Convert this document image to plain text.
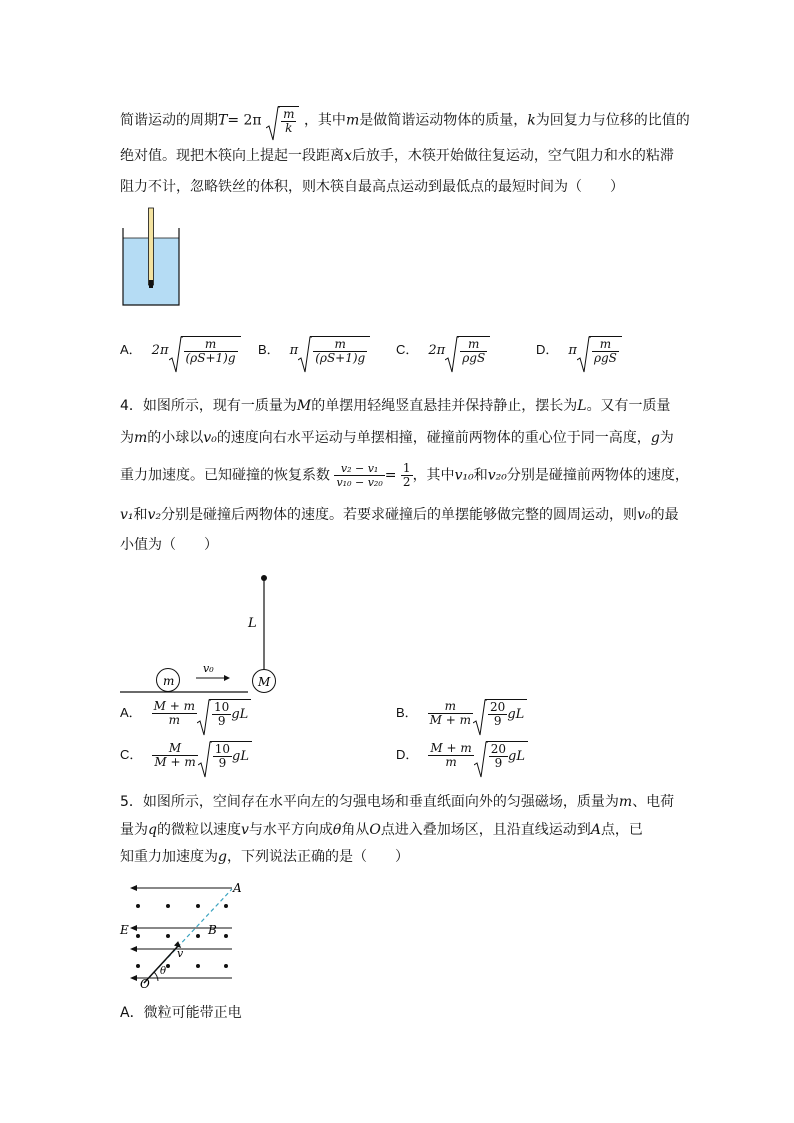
简谐运动的周期$T= 2\pi \frac{m}{k}$ ，其中m是做简谐运动物体的质量，k为回复力与位移的比值的
绝对值。现把木筷向上提起一段距离x后放手，木筷开始做往复运动，空气阻力和水的粘滞
阻力不计，忽略铁丝的体积，则木筷自最高点运动到最低点的最短时间为（　　）
A． $2\pi \frac{m}{(\rho S+1)g}$ B． π $\frac{m}{(\rho S+1)g}$ C． $2\pi \frac{m}{\text{ρgS}}$	D． π $\frac{m}{\text{ρgS}}$
4．如图所示，现有一质量为M的单摆用轻绳竖直悬挂并保持静止，摆长为L。又有一质量
为m的小球以v₀的速度向右水平运动与单摆相撞，碰撞前两物体的重心位于同一高度，g为
重力加速度。已知碰撞的恢复系数 $\frac{\text{v₂ − v₁}}{\text{v₁₀ − v₂₀}} = \frac{1}{2}$ ，其中v₁₀和v₂₀分别是碰撞前两物体的速度，
v₁和v₂分别是碰撞后两物体的速度。若要求碰撞后的单摆能够做完整的圆周运动，则v₀的最
小值为（　　）
L
m	M
v₀
A． $\frac{M + m}{m} \frac{10}{9}$ gL	B． $\frac{m}{M + m} \frac{20}{9}$ gL
C． $\frac{M}{M + m} \frac{10}{9}$ gL	D． $\frac{M + m}{m} \frac{20}{9}$ gL
5．如图所示，空间存在水平向左的匀强电场和垂直纸面向外的匀强磁场，质量为m、电荷
量为q的微粒以速度v与水平方向成θ角从O点进入叠加场区，且沿直线运动到A点，已
知重力加速度为g，下列说法正确的是（　　）
A
E	B
O
v
θ
A．微粒可能带正电
